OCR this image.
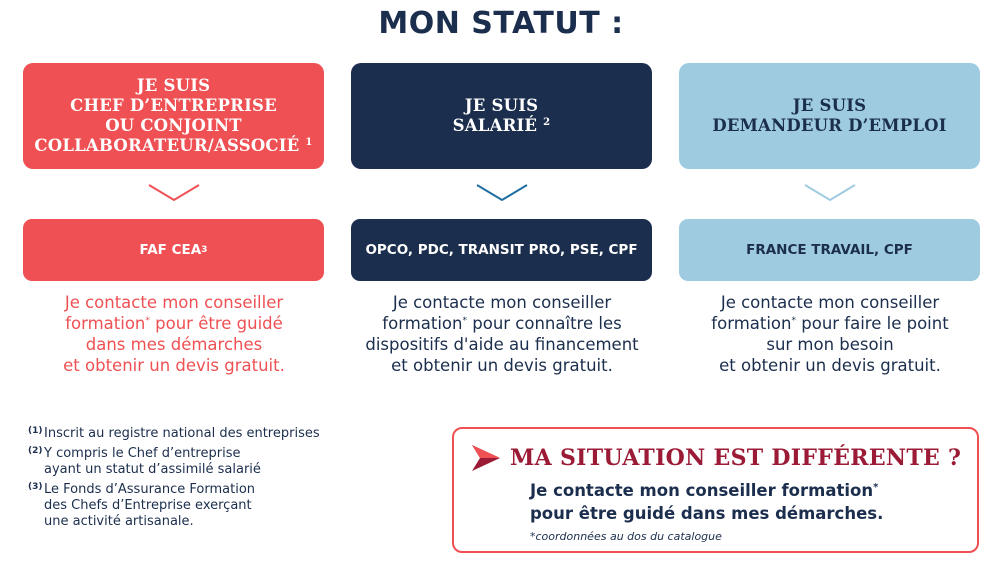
MON STATUT :
JE SUIS
CHEF D’ENTREPRISE
OU CONJOINT
COLLABORATEUR/ASSOCIÉ $^1$
FAF CEA 3

Je contacte mon conseiller

formation* pour être guidé

dans mes démarches

et obtenir un devis gratuit.

JE SUIS
SALARIÉ $^2$
OPCO, PDC, TRANSIT PRO, PSE, CPF

Je contacte mon conseiller

formation* pour connaître les

dispositifs d'aide au financement

et obtenir un devis gratuit.

JE SUIS
DEMANDEUR D’EMPLOI
FRANCE TRAVAIL, CPF

Je contacte mon conseiller

formation* pour faire le point

sur mon besoin

et obtenir un devis gratuit.

(1) Inscrit au registre national des entreprises

(2) Y compris le Chef d’entreprise

ayant un statut d’assimilé salarié

(3) Le Fonds d’Assurance Formation

des Chefs d’Entreprise exerçant

une activité artisanale.

MA SITUATION EST DIFFÉRENTE ?

Je contacte mon conseiller formation*

pour être guidé dans mes démarches.

*coordonnées au dos du catalogue
